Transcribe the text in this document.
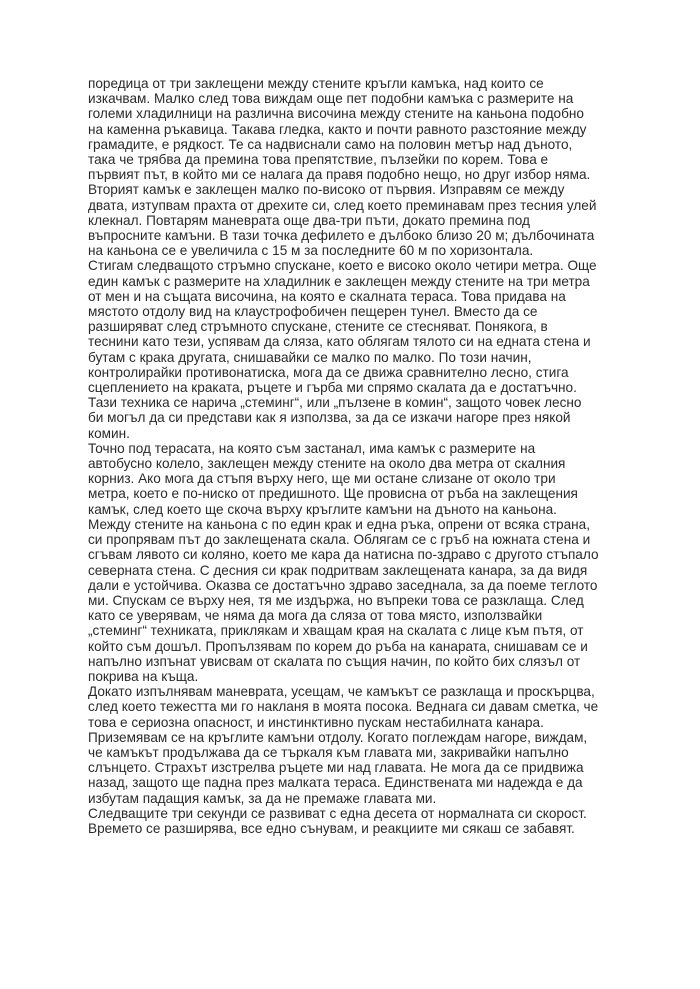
поредица от три заклещени между стените кръгли камъка, над които се
изкачвам. Малко след това виждам още пет подобни камъка с размерите на
големи хладилници на различна височина между стените на каньона подобно
на каменна ръкавица. Такава гледка, както и почти равното разстояние между
грамадите, е рядкост. Те са надвиснали само на половин метър над дъното,
така че трябва да премина това препятствие, пълзейки по корем. Това е
първият път, в който ми се налага да правя подобно нещо, но друг избор няма.
Вторият камък е заклещен малко по-високо от първия. Изправям се между
двата, изтупвам прахта от дрехите си, след което преминавам през тесния улей
клекнал. Повтарям маневрата още два-три пъти, докато премина под
въпросните камъни. В тази точка дефилето е дълбоко близо 20 м; дълбочината
на каньона се е увеличила с 15 м за последните 60 м по хоризонтала.
Стигам следващото стръмно спускане, което е високо около четири метра. Още
един камък с размерите на хладилник е заклещен между стените на три метра
от мен и на същата височина, на която е скалната тераса. Това придава на
мястото отдолу вид на клаустрофобичен пещерен тунел. Вместо да се
разширяват след стръмното спускане, стените се стесняват. Понякога, в
теснини като тези, успявам да сляза, като облягам тялото си на едната стена и
бутам с крака другата, снишавайки се малко по малко. По този начин,
контролирайки противонатиска, мога да се движа сравнително лесно, стига
сцеплението на краката, ръцете и гърба ми спрямо скалата да е достатъчно.
Тази техника се нарича „стеминг“, или „пълзене в комин“, защото човек лесно
би могъл да си представи как я използва, за да се изкачи нагоре през някой
комин.
Точно под терасата, на която съм застанал, има камък с размерите на
автобусно колело, заклещен между стените на около два метра от скалния
корниз. Ако мога да стъпя върху него, ще ми остане слизане от около три
метра, което е по-ниско от предишното. Ще провисна от ръба на заклещения
камък, след което ще скоча върху кръглите камъни на дъното на каньона.
Между стените на каньона с по един крак и една ръка, опрени от всяка страна,
си пропрявам път до заклещената скала. Облягам се с гръб на южната стена и
сгъвам лявото си коляно, което ме кара да натисна по-здраво с другото стъпало
северната стена. С десния си крак подритвам заклещената канара, за да видя
дали е устойчива. Оказва се достатъчно здраво заседнала, за да поеме теглото
ми. Спускам се върху нея, тя ме издържа, но въпреки това се разклаща. След
като се уверявам, че няма да мога да сляза от това място, използвайки
„стеминг“ техниката, приклякам и хващам края на скалата с лице към пътя, от
който съм дошъл. Пропълзявам по корем до ръба на канарата, снишавам се и
напълно изпънат увисвам от скалата по същия начин, по който бих слязъл от
покрива на къща.
Докато изпълнявам маневрата, усещам, че камъкът се разклаща и проскърцва,
след което тежестта ми го накланя в моята посока. Веднага си давам сметка, че
това е сериозна опасност, и инстинктивно пускам нестабилната канара.
Приземявам се на кръглите камъни отдолу. Когато поглеждам нагоре, виждам,
че камъкът продължава да се търкаля към главата ми, закривайки напълно
слънцето. Страхът изстрелва ръцете ми над главата. Не мога да се придвижа
назад, защото ще падна през малката тераса. Единствената ми надежда е да
избутам падащия камък, за да не премаже главата ми.
Следващите три секунди се развиват с една десета от нормалната си скорост.
Времето се разширява, все едно сънувам, и реакциите ми сякаш се забавят.
